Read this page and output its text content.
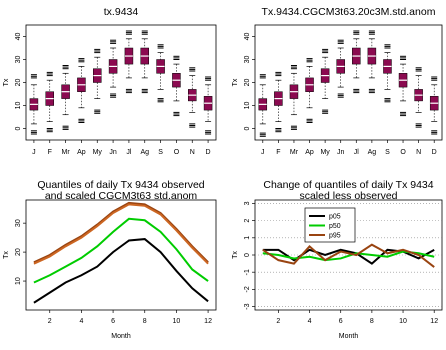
tx.9434
0
10
20
30
40
Tx
J F Mr Ap My Jn Jl Ag S O N D
Tx.9434.CGCM3t63.20c3M.std.anom
0
10
20
30
40
Tx
J F Mr Ap My Jn Jl Ag S O N D
Quantiles of daily Tx 9434 observed
and scaled CGCM3t63 std.anom
10
20
30
Tx
Month
2	4	6	8	10	12
Change of quantiles of daily Tx 9434
scaled less observed
-3
-2
-1
0
1
2
3
Tx
Month
2	4	6	8	10	12
p05
p50
p95
